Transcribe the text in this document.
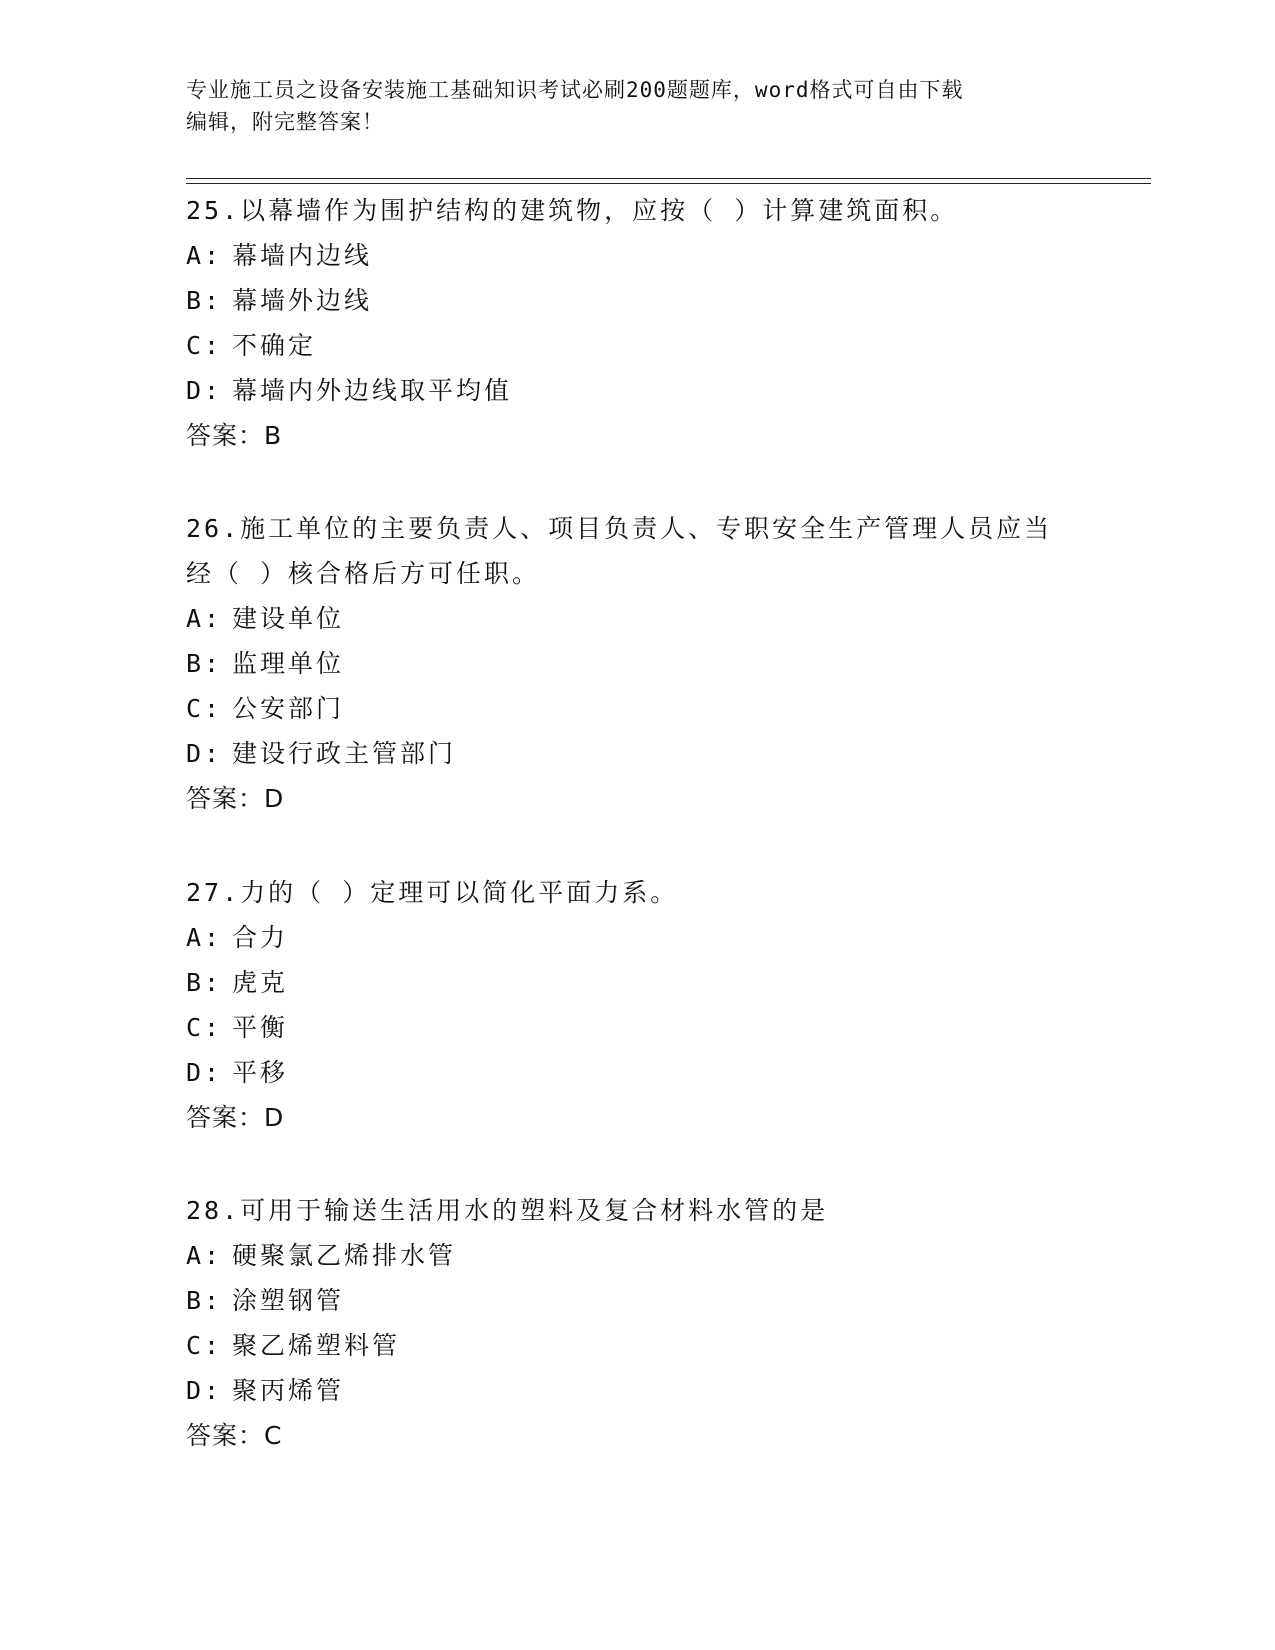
专业施工员之设备安装施工基础知识考试必刷200题题库，word格式可自由下载

编辑，附完整答案！

25.以幕墙作为围护结构的建筑物，应按（ ）计算建筑面积。

A: 幕墙内边线

B: 幕墙外边线

C: 不确定

D: 幕墙内外边线取平均值

答案：B

26.施工单位的主要负责人、项目负责人、专职安全生产管理人员应当

经（ ）核合格后方可任职。

A: 建设单位

B: 监理单位

C: 公安部门

D: 建设行政主管部门

答案：D

27.力的（ ）定理可以简化平面力系。

A: 合力

B: 虎克

C: 平衡

D: 平移

答案：D

28.可用于输送生活用水的塑料及复合材料水管的是

A: 硬聚氯乙烯排水管

B: 涂塑钢管

C: 聚乙烯塑料管

D: 聚丙烯管

答案：C
